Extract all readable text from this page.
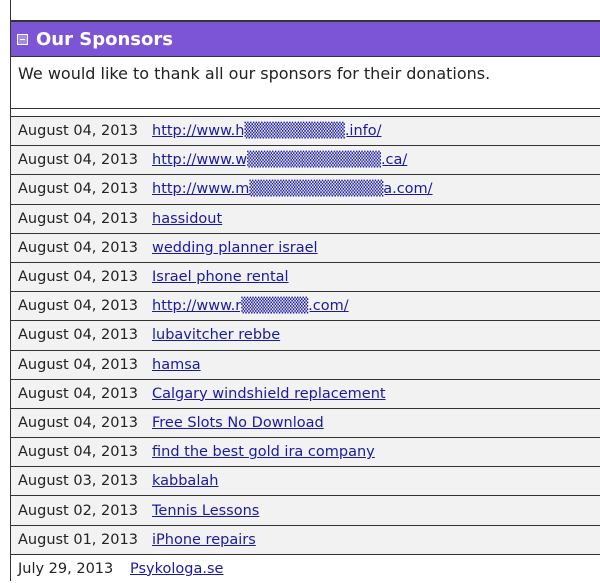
Our Sponsors
We would like to thank all our sponsors for their donations.
August 04, 2013 http://www.h▒▒▒▒▒▒▒▒▒.info/
August 04, 2013 http://www.w▒▒▒▒▒▒▒▒▒▒▒▒.ca/
August 04, 2013 http://www.m▒▒▒▒▒▒▒▒▒▒▒▒a.com/
August 04, 2013 hassidout
August 04, 2013 wedding planner israel
August 04, 2013 Israel phone rental
August 04, 2013 http://www.r▒▒▒▒▒▒.com/
August 04, 2013 lubavitcher rebbe
August 04, 2013 hamsa
August 04, 2013 Calgary windshield replacement
August 04, 2013 Free Slots No Download
August 04, 2013 find the best gold ira company
August 03, 2013 kabbalah
August 02, 2013 Tennis Lessons
August 01, 2013 iPhone repairs
July 29, 2013	Psykologa.se
